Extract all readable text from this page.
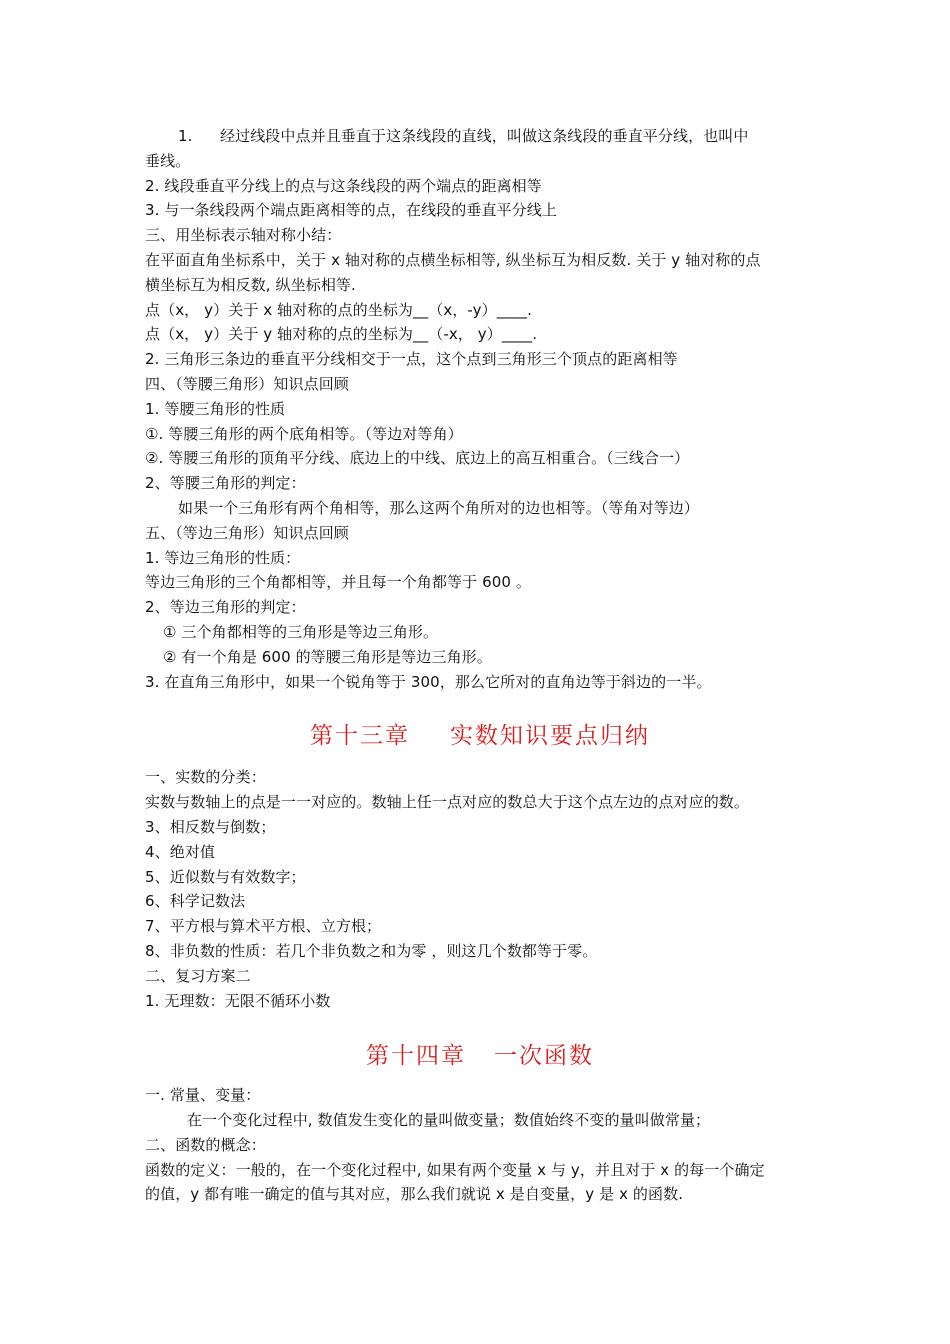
1. 经过线段中点并且垂直于这条线段的直线，叫做这条线段的垂直平分线，也叫中
垂线。
2. 线段垂直平分线上的点与这条线段的两个端点的距离相等
3. 与一条线段两个端点距离相等的点，在线段的垂直平分线上
三、用坐标表示轴对称小结：
在平面直角坐标系中，关于 x 轴对称的点横坐标相等, 纵坐标互为相反数. 关于 y 轴对称的点
横坐标互为相反数, 纵坐标相等.
点（x， y）关于 x 轴对称的点的坐标为__（x，-y）____.
点（x， y）关于 y 轴对称的点的坐标为__（-x， y）____.
2. 三角形三条边的垂直平分线相交于一点，这个点到三角形三个顶点的距离相等
四、（等腰三角形）知识点回顾
1. 等腰三角形的性质
①. 等腰三角形的两个底角相等。（等边对等角）
②. 等腰三角形的顶角平分线、底边上的中线、底边上的高互相重合。（三线合一）
2、等腰三角形的判定：
如果一个三角形有两个角相等，那么这两个角所对的边也相等。（等角对等边）
五、（等边三角形）知识点回顾
1. 等边三角形的性质：
等边三角形的三个角都相等，并且每一个角都等于 600 。
2、等边三角形的判定：
① 三个角都相等的三角形是等边三角形。
② 有一个角是 600 的等腰三角形是等边三角形。
3. 在直角三角形中，如果一个锐角等于 300，那么它所对的直角边等于斜边的一半。
第十三章 实数知识要点归纳
一、实数的分类：
实数与数轴上的点是一一对应的。数轴上任一点对应的数总大于这个点左边的点对应的数。
3、相反数与倒数；
4、绝对值
5、近似数与有效数字；
6、科学记数法
7、平方根与算术平方根、立方根；
8、非负数的性质：若几个非负数之和为零 ，则这几个数都等于零。
二、复习方案二
1. 无理数：无限不循环小数
第十四章 一次函数
一. 常量、变量：
在一个变化过程中, 数值发生变化的量叫做变量；数值始终不变的量叫做常量；
二、函数的概念：
函数的定义：一般的，在一个变化过程中, 如果有两个变量 x 与 y，并且对于 x 的每一个确定
的值，y 都有唯一确定的值与其对应，那么我们就说 x 是自变量，y 是 x 的函数.
